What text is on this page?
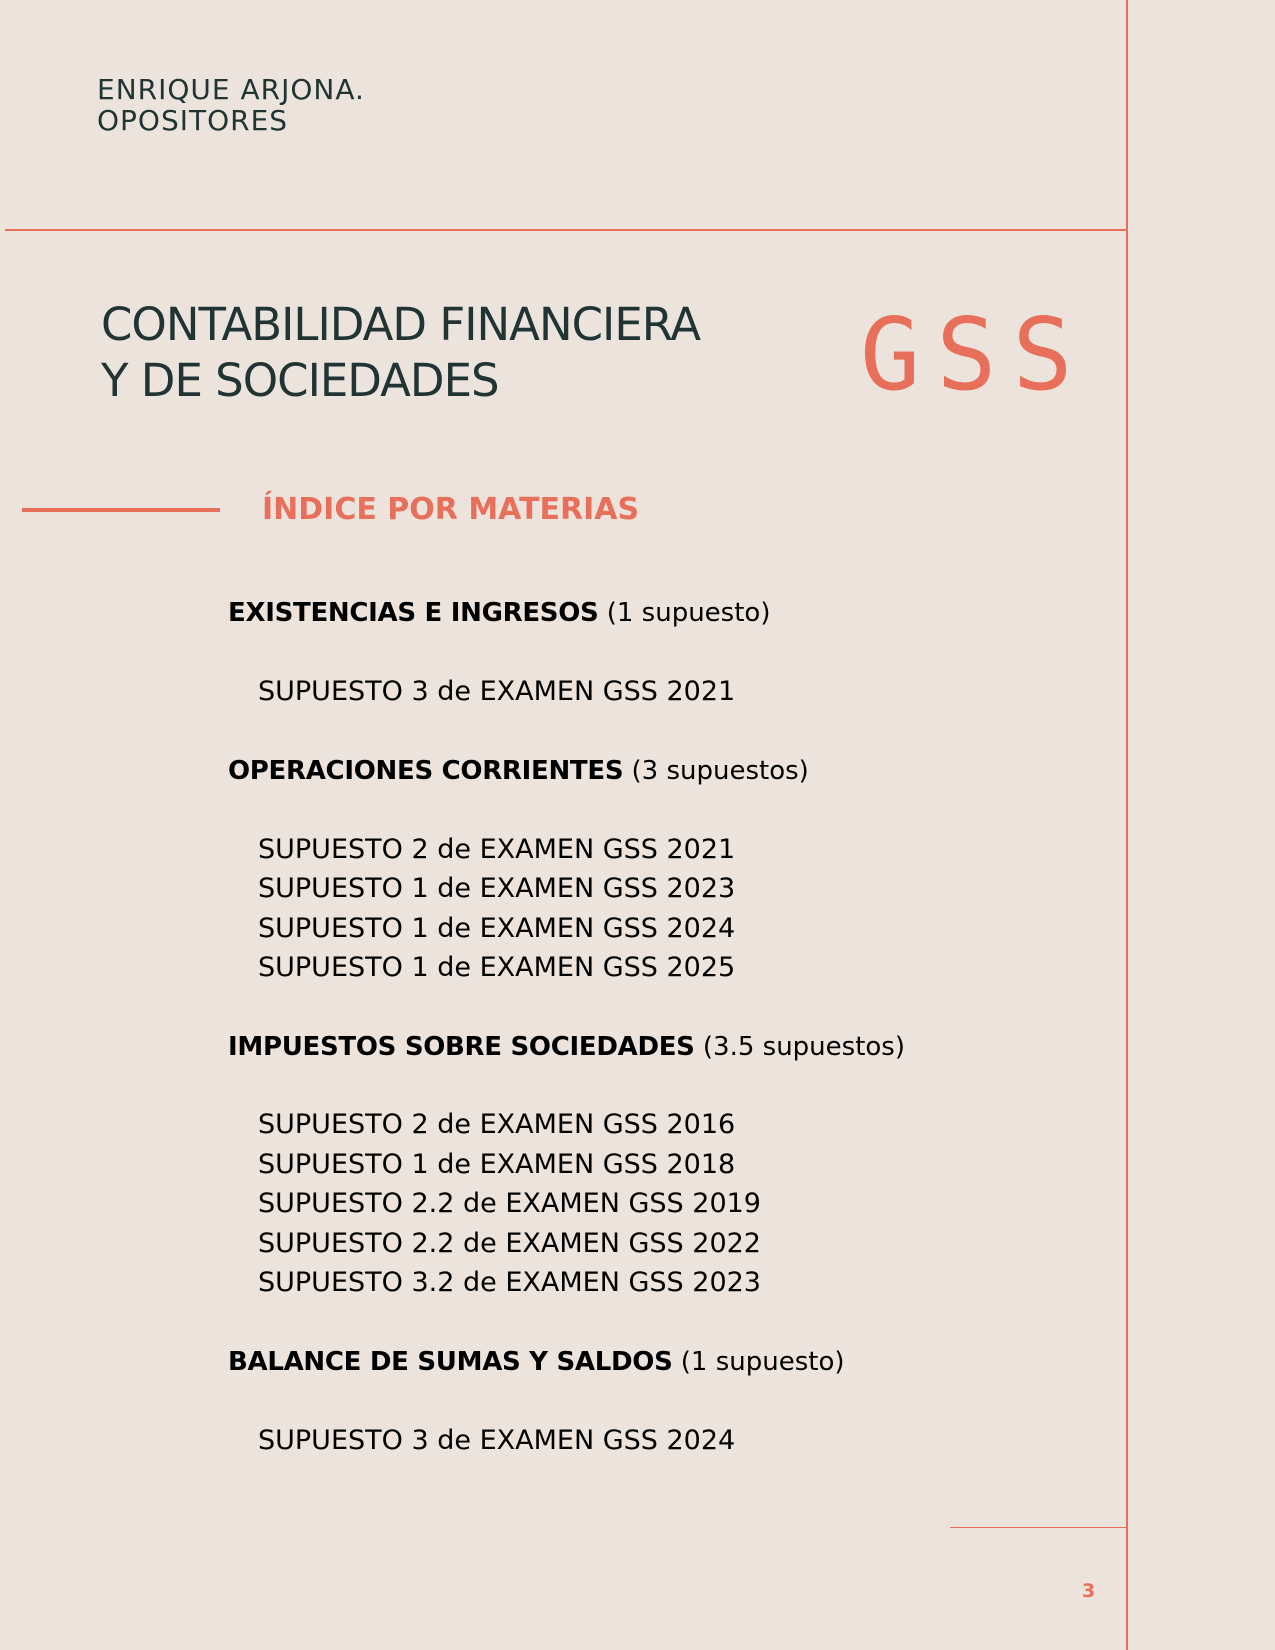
ENRIQUE ARJONA.
OPOSITORES
CONTABILIDAD FINANCIERA
Y DE SOCIEDADES	GSS
ÍNDICE POR MATERIAS
EXISTENCIAS E INGRESOS (1 supuesto)
SUPUESTO 3 de EXAMEN GSS 2021
OPERACIONES CORRIENTES (3 supuestos)
SUPUESTO 2 de EXAMEN GSS 2021
SUPUESTO 1 de EXAMEN GSS 2023
SUPUESTO 1 de EXAMEN GSS 2024
SUPUESTO 1 de EXAMEN GSS 2025
IMPUESTOS SOBRE SOCIEDADES (3.5 supuestos)
SUPUESTO 2 de EXAMEN GSS 2016
SUPUESTO 1 de EXAMEN GSS 2018
SUPUESTO 2.2 de EXAMEN GSS 2019
SUPUESTO 2.2 de EXAMEN GSS 2022
SUPUESTO 3.2 de EXAMEN GSS 2023
BALANCE DE SUMAS Y SALDOS (1 supuesto)
SUPUESTO 3 de EXAMEN GSS 2024
3
